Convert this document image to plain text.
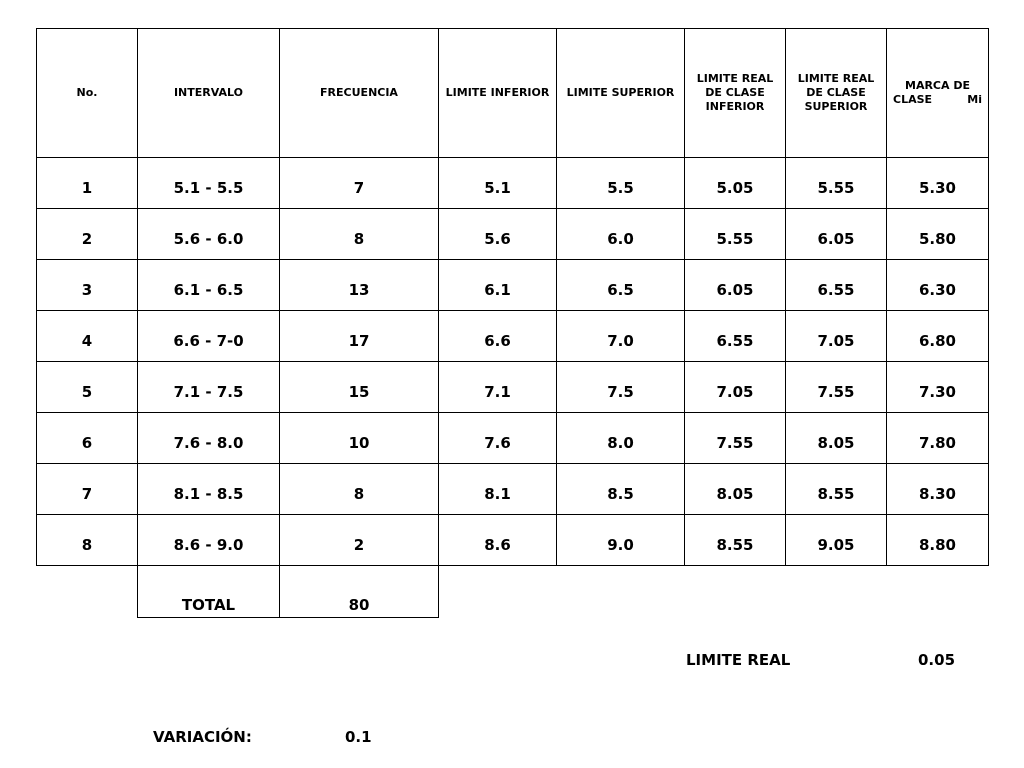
No.	INTERVALO	FRECUENCIA	LIMITE INFERIOR	LIMITE SUPERIOR	LIMITE REAL
DE CLASE
INFERIOR	LIMITE REAL
DE CLASE
SUPERIOR	MARCA DE
CLASE Mi

1	5.1 - 5.5	7	5.1	5.5	5.05	5.55	5.30
2	5.6 - 6.0	8	5.6	6.0	5.55	6.05	5.80
3	6.1 - 6.5	13	6.1	6.5	6.05	6.55	6.30
4	6.6 - 7-0	17	6.6	7.0	6.55	7.05	6.80
5	7.1 - 7.5	15	7.1	7.5	7.05	7.55	7.30
6	7.6 - 8.0	10	7.6	8.0	7.55	8.05	7.80
7	8.1 - 8.5	8	8.1	8.5	8.05	8.55	8.30
8	8.6 - 9.0	2	8.6	9.0	8.55	9.05	8.80
	TOTAL	80					
LIMITE REAL	0.05
VARIACIÓN:	0.1
